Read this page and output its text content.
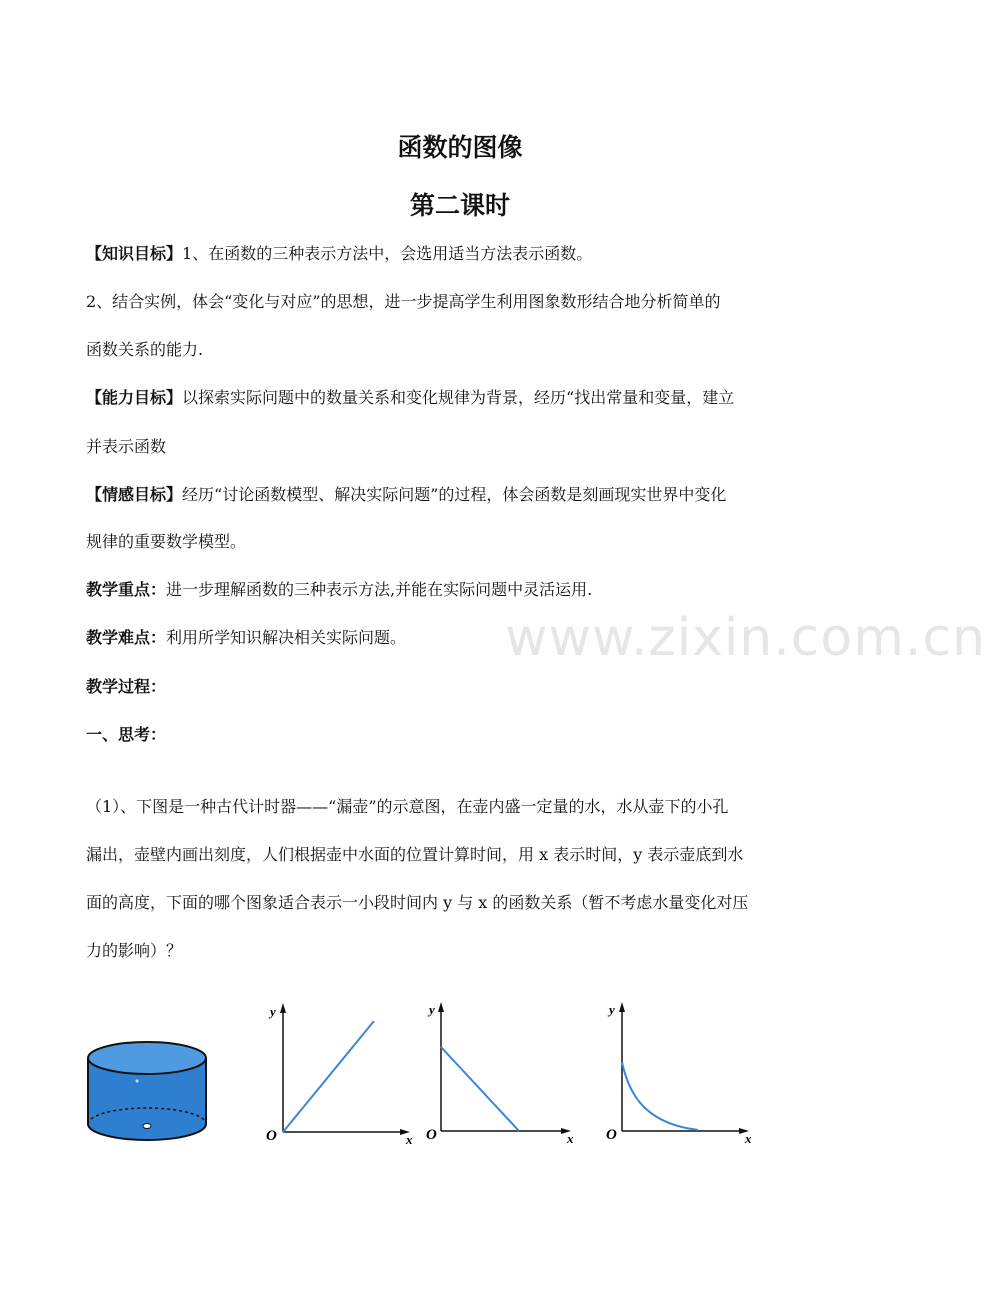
www.zixin.com.cn
函数的图像
第二课时
【知识目标】1、在函数的三种表示方法中，会选用适当方法表示函数。
2、结合实例，体会“变化与对应”的思想，进一步提高学生利用图象数形结合地分析简单的
函数关系的能力.
【能力目标】以探索实际问题中的数量关系和变化规律为背景，经历“找出常量和变量，建立
并表示函数
【情感目标】经历“讨论函数模型、解决实际问题”的过程，体会函数是刻画现实世界中变化
规律的重要数学模型。
教学重点：进一步理解函数的三种表示方法,并能在实际问题中灵活运用.
教学难点：利用所学知识解决相关实际问题。
教学过程：
一、思考：
（1）、下图是一种古代计时器——“漏壶”的示意图，在壶内盛一定量的水，水从壶下的小孔
漏出，壶壁内画出刻度，人们根据壶中水面的位置计算时间，用 x 表示时间，y 表示壶底到水
面的高度，下面的哪个图象适合表示一小段时间内 y 与 x 的函数关系（暂不考虑水量变化对压
力的影响）？
y
O	x
y
O	x
y
O	x
